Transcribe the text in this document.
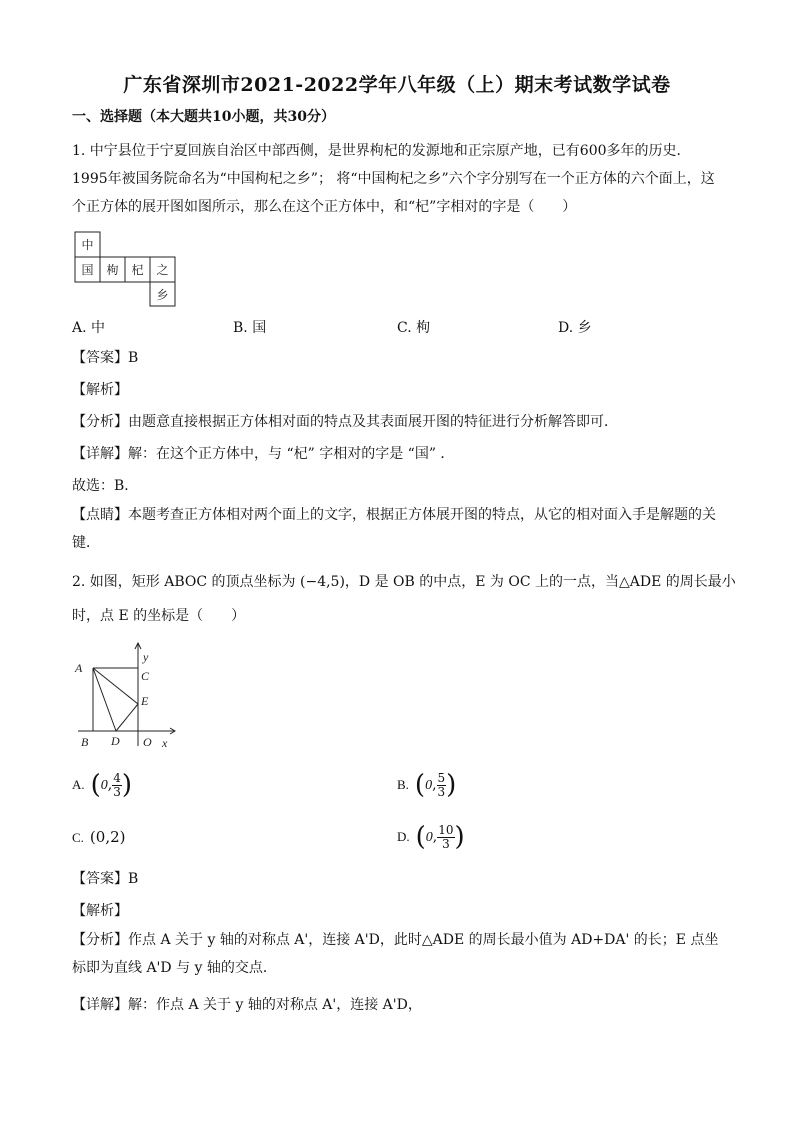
广东省深圳市2021-2022学年八年级（上）期末考试数学试卷
一、选择题（本大题共10小题，共30分）
1. 中宁县位于宁夏回族自治区中部西侧，是世界枸杞的发源地和正宗原产地，已有600多年的历史．1995年被国务院命名为“中国枸杞之乡”； 将“中国枸杞之乡”六个字分别写在一个正方体的六个面上，这个正方体的展开图如图所示，那么在这个正方体中，和“杞”字相对的字是（　　）
中
国 枸 杞 之
乡
A. 中	B. 国	C. 枸	D. 乡
【答案】B
【解析】
【分析】由题意直接根据正方体相对面的特点及其表面展开图的特征进行分析解答即可．
【详解】解：在这个正方体中，与 “杞” 字相对的字是 “国” ．
故选：B．
【点睛】本题考查正方体相对两个面上的文字，根据正方体展开图的特点，从它的相对面入手是解题的关键．
2. 如图，矩形 ABOC 的顶点坐标为 (−4,5)，D 是 OB 的中点，E 为 OC 上的一点，当△ADE 的周长最小
时，点 E 的坐标是（　　）
A
B
C
D
E
O x
y
A. (0, $\frac{4}{3}$ )	B. (0, $\frac{5}{3}$ )
C. (0,2)	D. (0, $\frac{10}{3}$ )
【答案】B
【解析】
【分析】作点 A 关于 y 轴的对称点 A'，连接 A'D，此时△ADE 的周长最小值为 AD+DA' 的长；E 点坐标即为直线 A'D 与 y 轴的交点．
【详解】解：作点 A 关于 y 轴的对称点 A'，连接 A'D，
